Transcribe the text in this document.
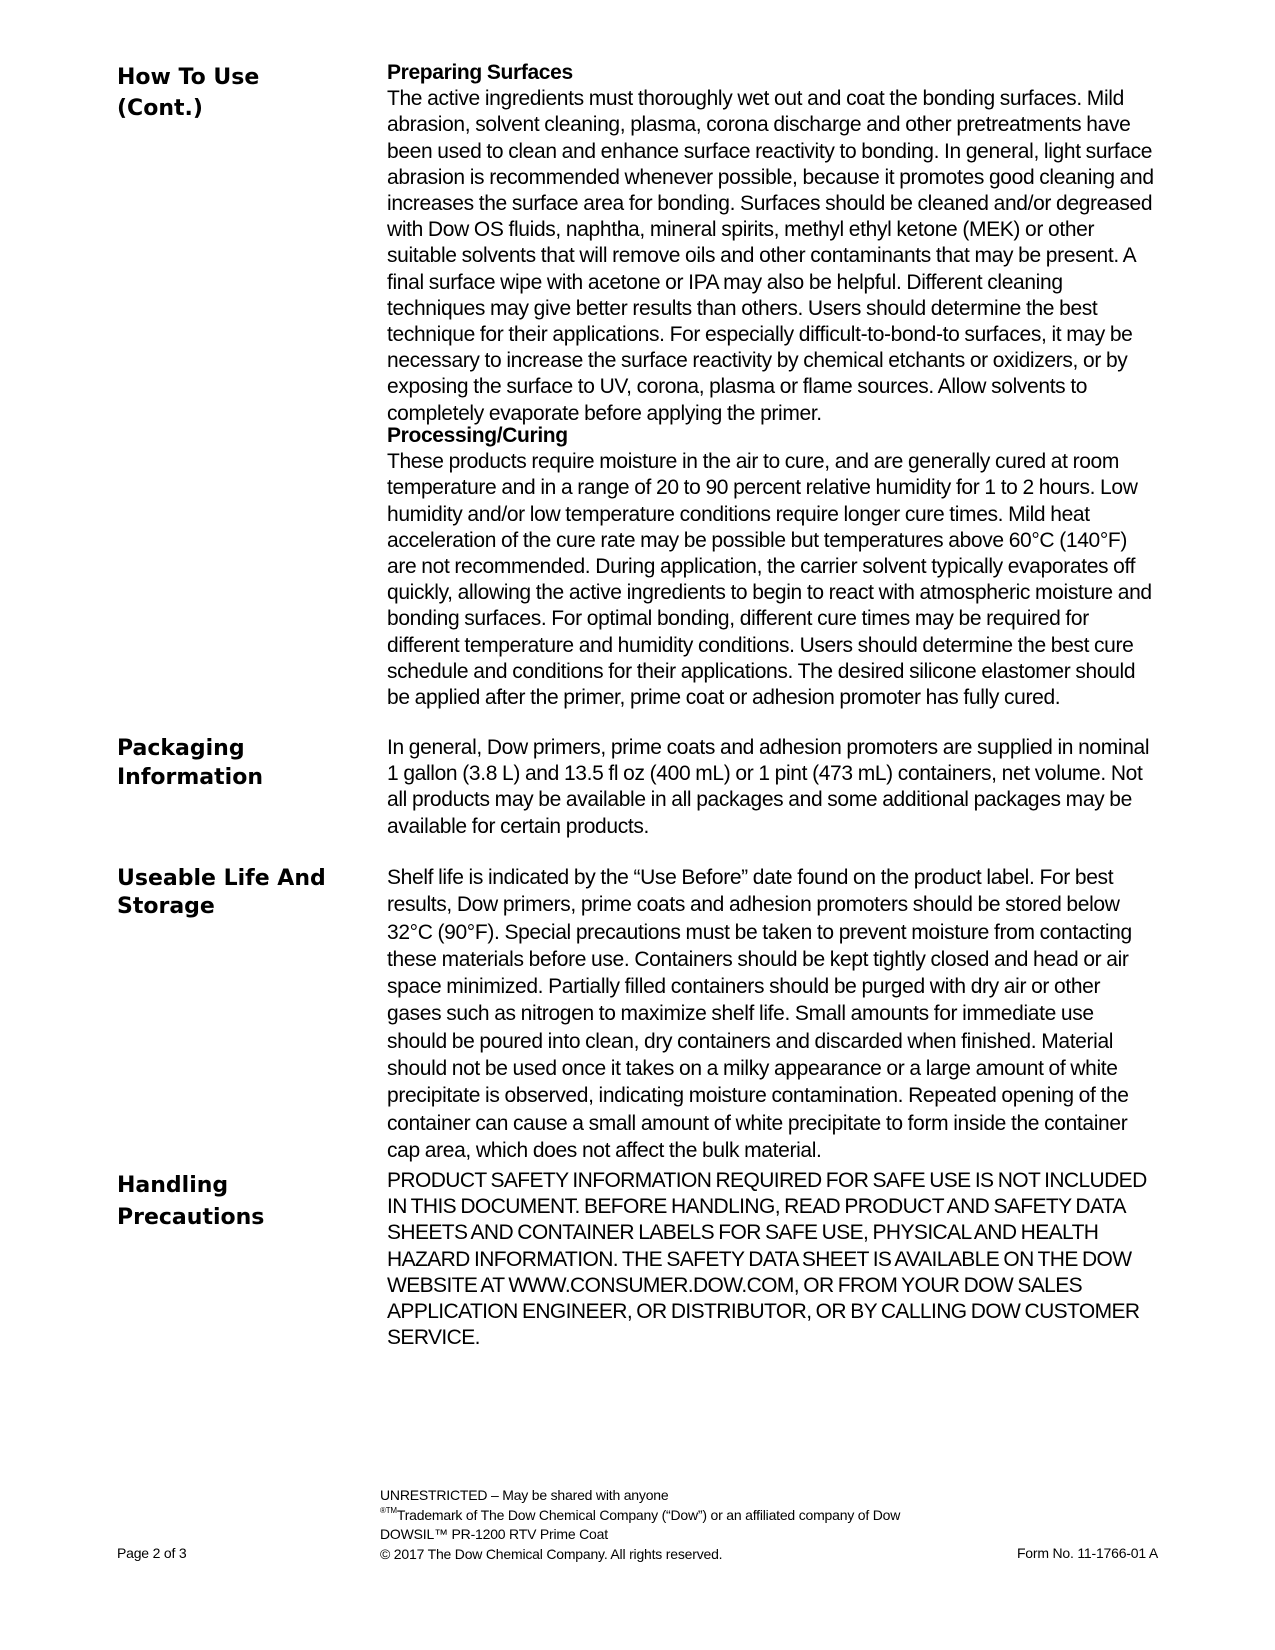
How To Use
(Cont.)
Preparing Surfaces

The active ingredients must thoroughly wet out and coat the bonding surfaces. Mild abrasion, solvent cleaning, plasma, corona discharge and other pretreatments have been used to clean and enhance surface reactivity to bonding. In general, light surface abrasion is recommended whenever possible, because it promotes good cleaning and increases the surface area for bonding. Surfaces should be cleaned and/or degreased with Dow OS fluids, naphtha, mineral spirits, methyl ethyl ketone (MEK) or other suitable solvents that will remove oils and other contaminants that may be present. A final surface wipe with acetone or IPA may also be helpful. Different cleaning techniques may give better results than others. Users should determine the best technique for their applications. For especially difficult-to-bond-to surfaces, it may be necessary to increase the surface reactivity by chemical etchants or oxidizers, or by exposing the surface to UV, corona, plasma or flame sources. Allow solvents to completely evaporate before applying the primer.

Processing/Curing

These products require moisture in the air to cure, and are generally cured at room temperature and in a range of 20 to 90 percent relative humidity for 1 to 2 hours. Low humidity and/or low temperature conditions require longer cure times. Mild heat acceleration of the cure rate may be possible but temperatures above 60°C (140°F) are not recommended. During application, the carrier solvent typically evaporates off quickly, allowing the active ingredients to begin to react with atmospheric moisture and bonding surfaces. For optimal bonding, different cure times may be required for different temperature and humidity conditions. Users should determine the best cure schedule and conditions for their applications. The desired silicone elastomer should be applied after the primer, prime coat or adhesion promoter has fully cured.

Packaging
Information

In general, Dow primers, prime coats and adhesion promoters are supplied in nominal 1 gallon (3.8 L) and 13.5 fl oz (400 mL) or 1 pint (473 mL) containers, net volume. Not all products may be available in all packages and some additional packages may be available for certain products.

Useable Life And
Storage

Shelf life is indicated by the “Use Before” date found on the product label. For best results, Dow primers, prime coats and adhesion promoters should be stored below 32°C (90°F). Special precautions must be taken to prevent moisture from contacting these materials before use. Containers should be kept tightly closed and head or air space minimized. Partially filled containers should be purged with dry air or other gases such as nitrogen to maximize shelf life. Small amounts for immediate use should be poured into clean, dry containers and discarded when finished. Material should not be used once it takes on a milky appearance or a large amount of white precipitate is observed, indicating moisture contamination. Repeated opening of the container can cause a small amount of white precipitate to form inside the container cap area, which does not affect the bulk material.

Handling
Precautions

PRODUCT SAFETY INFORMATION REQUIRED FOR SAFE USE IS NOT INCLUDED IN THIS DOCUMENT. BEFORE HANDLING, READ PRODUCT AND SAFETY DATA SHEETS AND CONTAINER LABELS FOR SAFE USE, PHYSICAL AND HEALTH HAZARD INFORMATION. THE SAFETY DATA SHEET IS AVAILABLE ON THE DOW WEBSITE AT WWW.CONSUMER.DOW.COM, OR FROM YOUR DOW SALES APPLICATION ENGINEER, OR DISTRIBUTOR, OR BY CALLING DOW CUSTOMER SERVICE.

Page 2 of 3
UNRESTRICTED – May be shared with anyone
$^{®TM}$Trademark of The Dow Chemical Company (“Dow”) or an affiliated company of Dow
DOWSIL™ PR-1200 RTV Prime Coat
© 2017 The Dow Chemical Company. All rights reserved.	Form No. 11-1766-01 A
